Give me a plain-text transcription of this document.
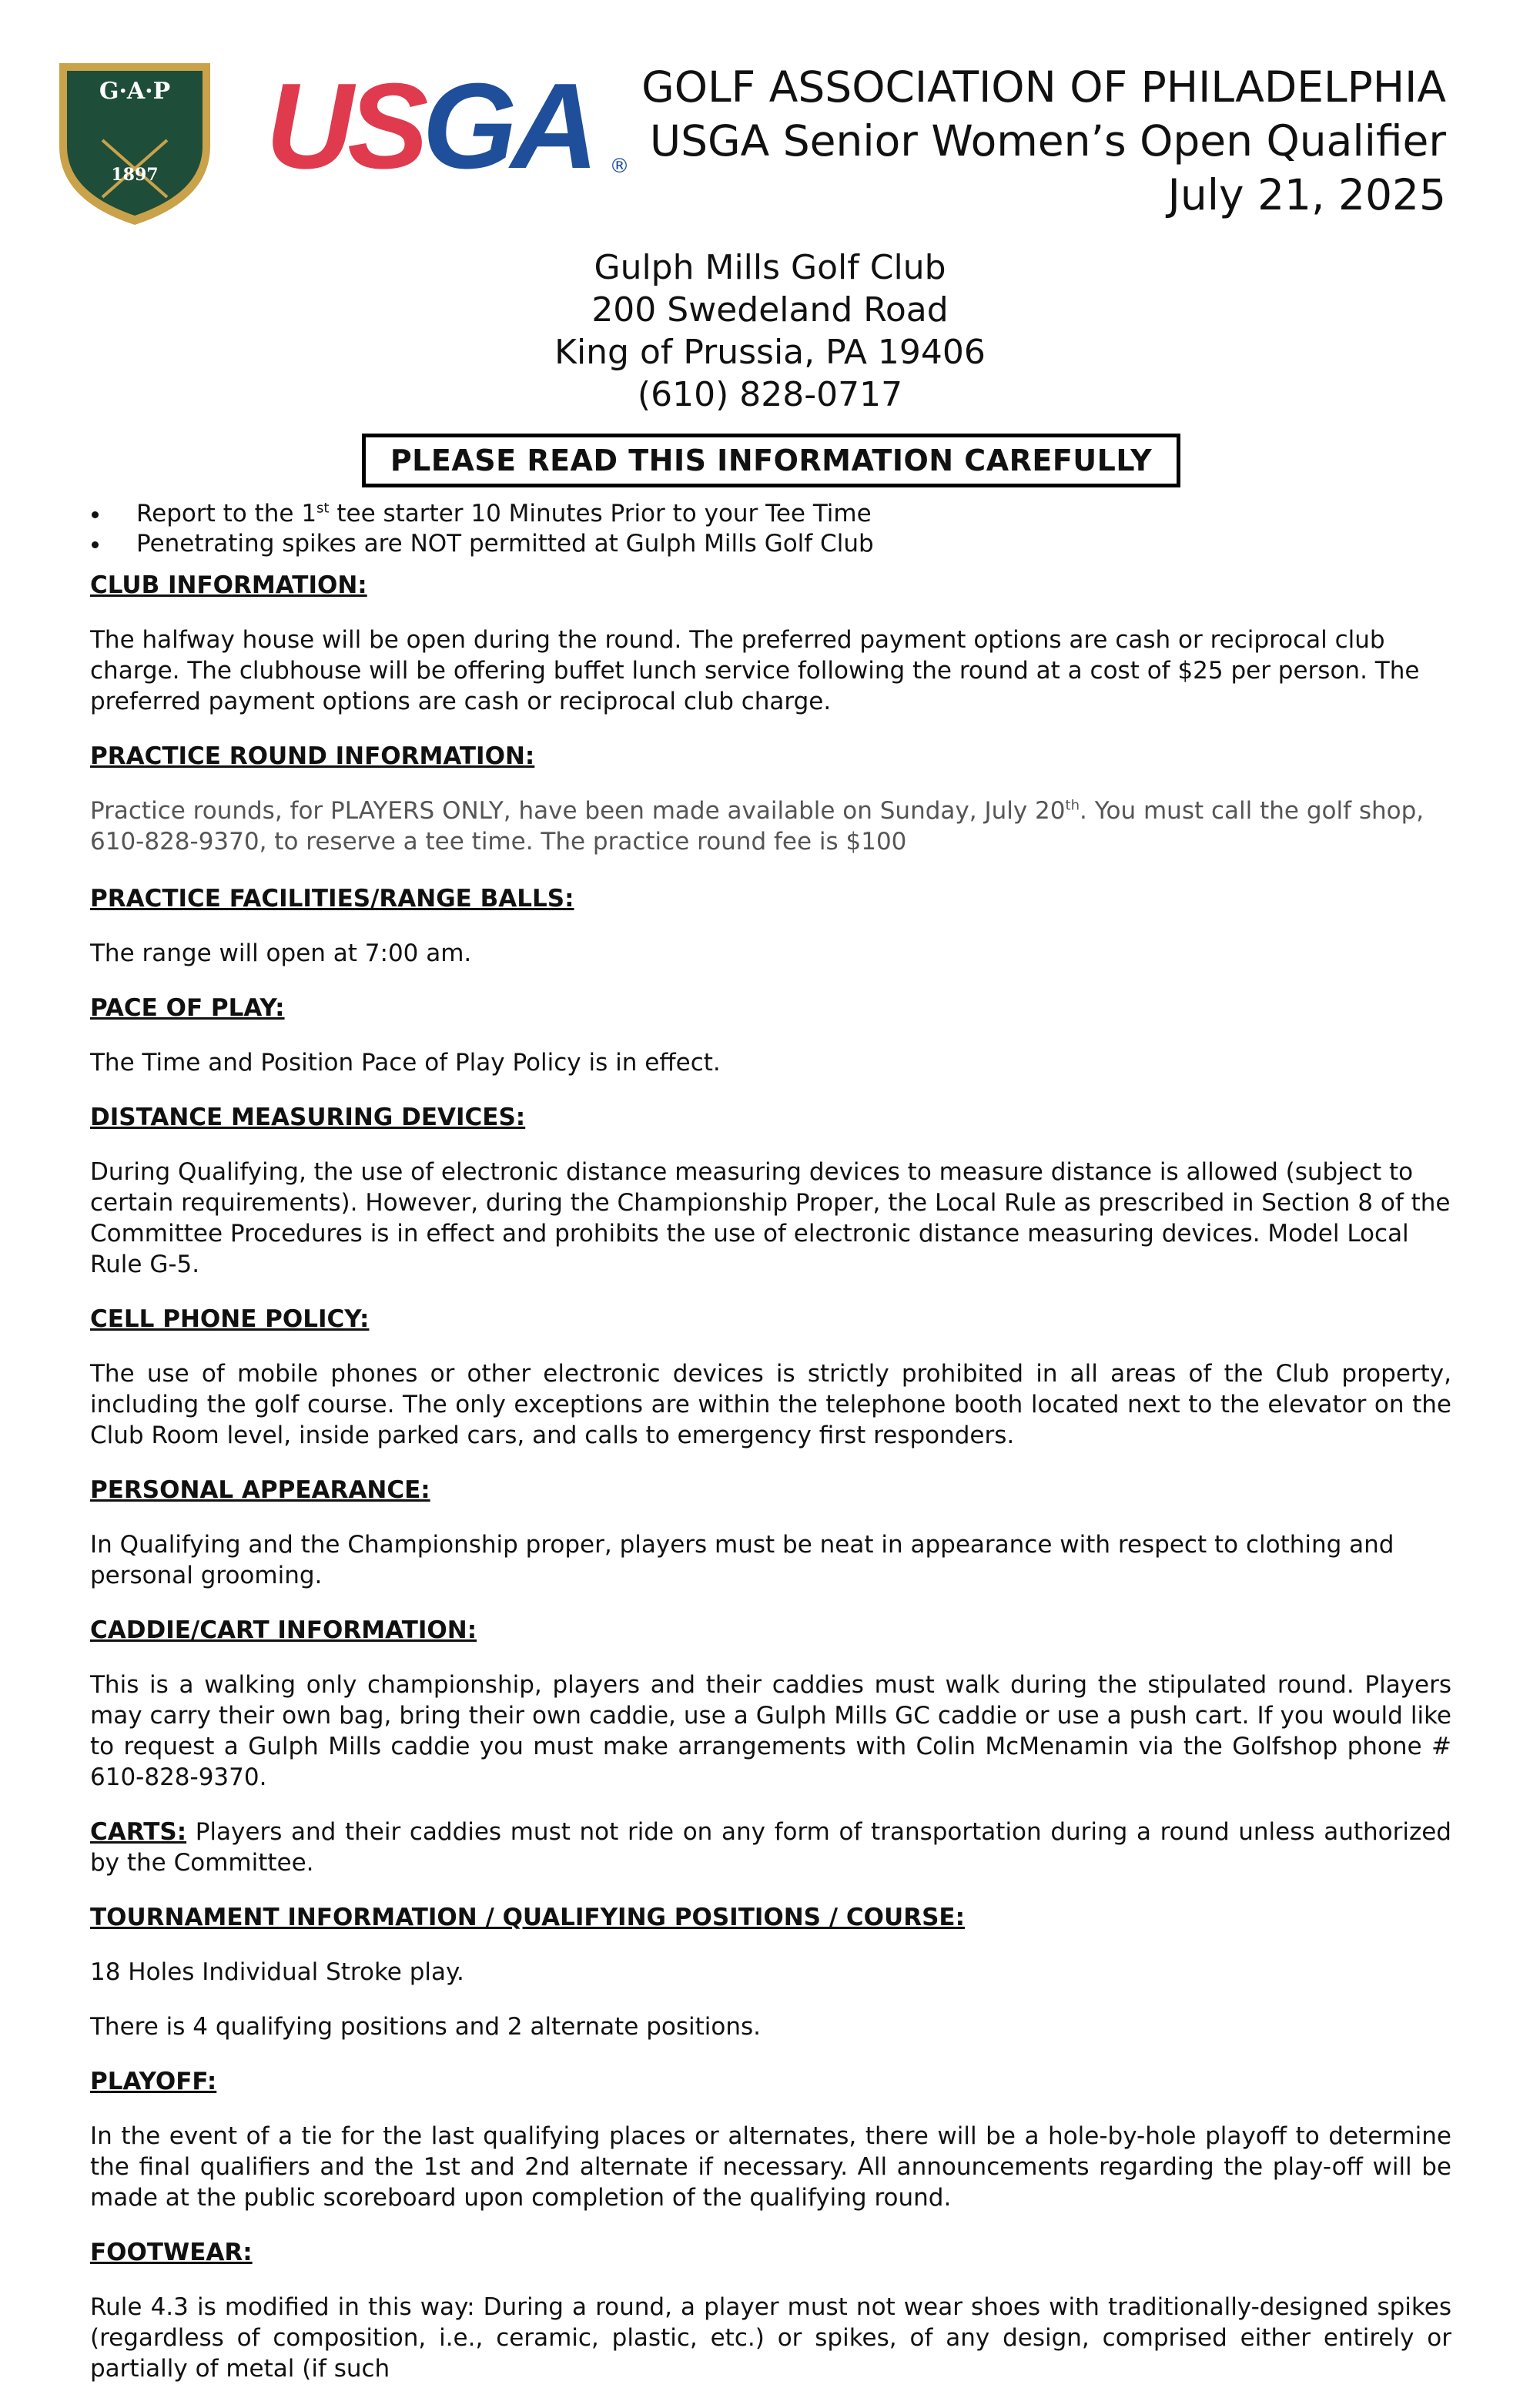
G·A·P
1897 USGA ®
GOLF ASSOCIATION OF PHILADELPHIA
USGA Senior Women’s Open Qualifier
July 21, 2025
Gulph Mills Golf Club
200 Swedeland Road
King of Prussia, PA 19406
(610) 828-0717
PLEASE READ THIS INFORMATION CAREFULLY
Report to the 1st tee starter 10 Minutes Prior to your Tee Time
Penetrating spikes are NOT permitted at Gulph Mills Golf Club
CLUB INFORMATION:

The halfway house will be open during the round. The preferred payment options are cash or reciprocal club charge. The clubhouse will be offering buffet lunch service following the round at a cost of $25 per person. The preferred payment options are cash or reciprocal club charge.

PRACTICE ROUND INFORMATION:

Practice rounds, for PLAYERS ONLY, have been made available on Sunday, July 20th. You must call the golf shop, 610-828-9370, to reserve a tee time. The practice round fee is $100

PRACTICE FACILITIES/RANGE BALLS:

The range will open at 7:00 am.

PACE OF PLAY:

The Time and Position Pace of Play Policy is in effect.

DISTANCE MEASURING DEVICES:

During Qualifying, the use of electronic distance measuring devices to measure distance is allowed (subject to certain requirements). However, during the Championship Proper, the Local Rule as prescribed in Section 8 of the Committee Procedures is in effect and prohibits the use of electronic distance measuring devices. Model Local Rule G-5.

CELL PHONE POLICY:

The use of mobile phones or other electronic devices is strictly prohibited in all areas of the Club property, including the golf course. The only exceptions are within the telephone booth located next to the elevator on the Club Room level, inside parked cars, and calls to emergency first responders.

PERSONAL APPEARANCE:

In Qualifying and the Championship proper, players must be neat in appearance with respect to clothing and personal grooming.

CADDIE/CART INFORMATION:

This is a walking only championship, players and their caddies must walk during the stipulated round. Players may carry their own bag, bring their own caddie, use a Gulph Mills GC caddie or use a push cart. If you would like to request a Gulph Mills caddie you must make arrangements with Colin McMenamin via the Golfshop phone # 610-828-9370.

CARTS: Players and their caddies must not ride on any form of transportation during a round unless authorized by the Committee.

TOURNAMENT INFORMATION / QUALIFYING POSITIONS / COURSE:

18 Holes Individual Stroke play.

There is 4 qualifying positions and 2 alternate positions.

PLAYOFF:

In the event of a tie for the last qualifying places or alternates, there will be a hole-by-hole playoff to determine the final qualifiers and the 1st and 2nd alternate if necessary. All announcements regarding the play-off will be made at the public scoreboard upon completion of the qualifying round.

FOOTWEAR:

Rule 4.3 is modified in this way: During a round, a player must not wear shoes with traditionally-designed spikes (regardless of composition, i.e., ceramic, plastic, etc.) or spikes, of any design, comprised either entirely or partially of metal (if such
